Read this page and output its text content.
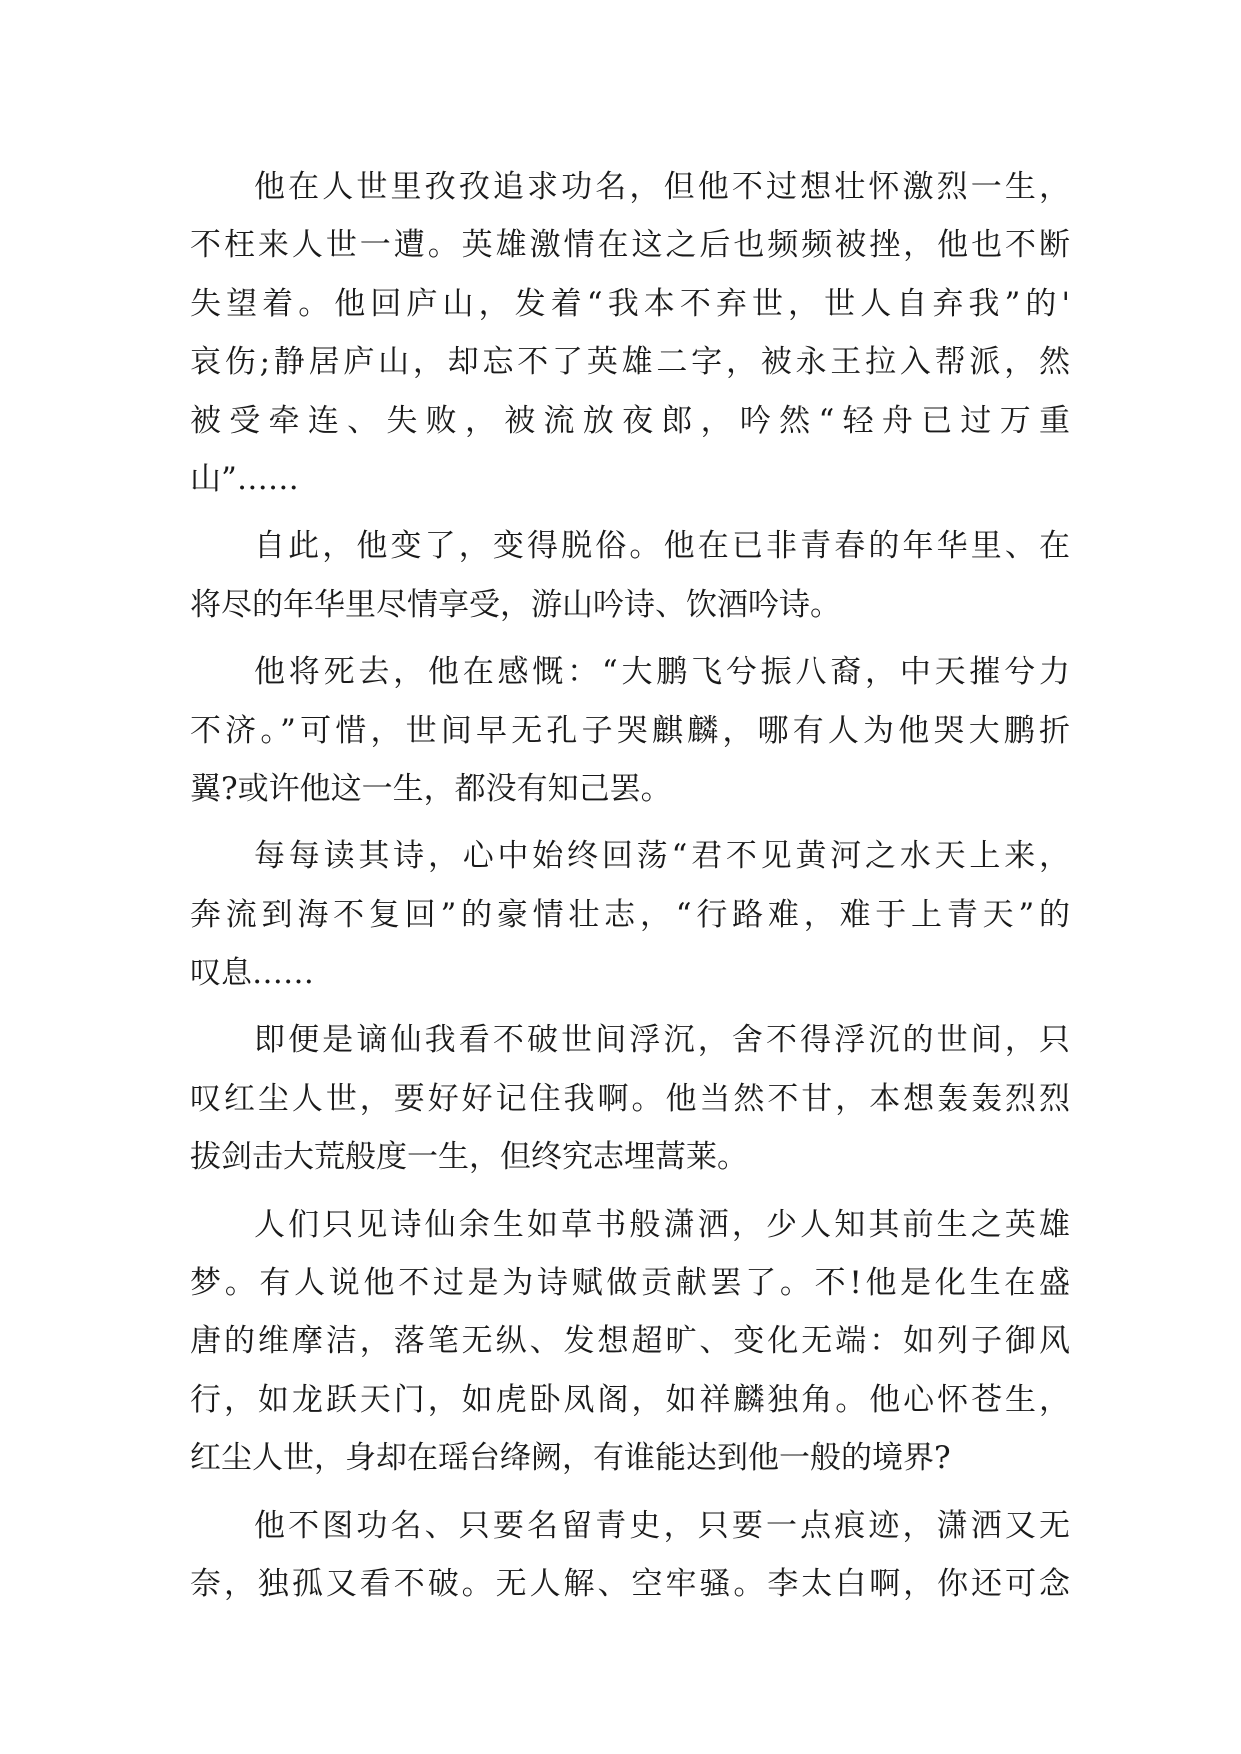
他在人世里孜孜追求功名，但他不过想壮怀激烈一生，
不枉来人世一遭。英雄激情在这之后也频频被挫，他也不断
失望着。他回庐山，发着“我本不弃世，世人自弃我”的'
哀伤;静居庐山，却忘不了英雄二字，被永王拉入帮派，然
被受牵连、失败，被流放夜郎，吟然“轻舟已过万重
山”……
自此，他变了，变得脱俗。他在已非青春的年华里、在
将尽的年华里尽情享受，游山吟诗、饮酒吟诗。
他将死去，他在感慨：“大鹏飞兮振八裔，中天摧兮力
不济。”可惜，世间早无孔子哭麒麟，哪有人为他哭大鹏折
翼?或许他这一生，都没有知己罢。
每每读其诗，心中始终回荡“君不见黄河之水天上来，
奔流到海不复回”的豪情壮志，“行路难，难于上青天”的
叹息……
即便是谪仙我看不破世间浮沉，舍不得浮沉的世间，只
叹红尘人世，要好好记住我啊。他当然不甘，本想轰轰烈烈
拔剑击大荒般度一生，但终究志埋蒿莱。
人们只见诗仙余生如草书般潇洒，少人知其前生之英雄
梦。有人说他不过是为诗赋做贡献罢了。不!他是化生在盛
唐的维摩洁，落笔无纵、发想超旷、变化无端：如列子御风
行，如龙跃天门，如虎卧凤阁，如祥麟独角。他心怀苍生，
红尘人世，身却在瑶台绛阙，有谁能达到他一般的境界?
他不图功名、只要名留青史，只要一点痕迹，潇洒又无
奈，独孤又看不破。无人解、空牢骚。李太白啊，你还可念
